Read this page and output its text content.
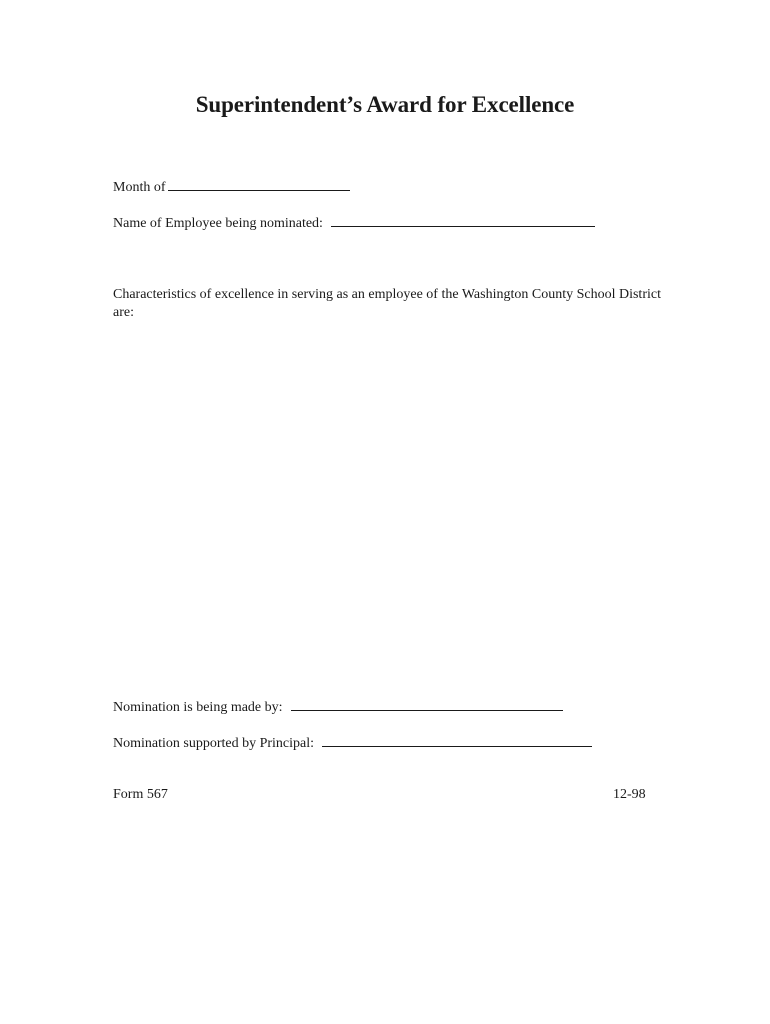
Superintendent’s Award for Excellence
Month of
Name of Employee being nominated:
Characteristics of excellence in serving as an employee of the Washington County School District are:
Nomination is being made by:
Nomination supported by Principal:
Form 567	12-98
